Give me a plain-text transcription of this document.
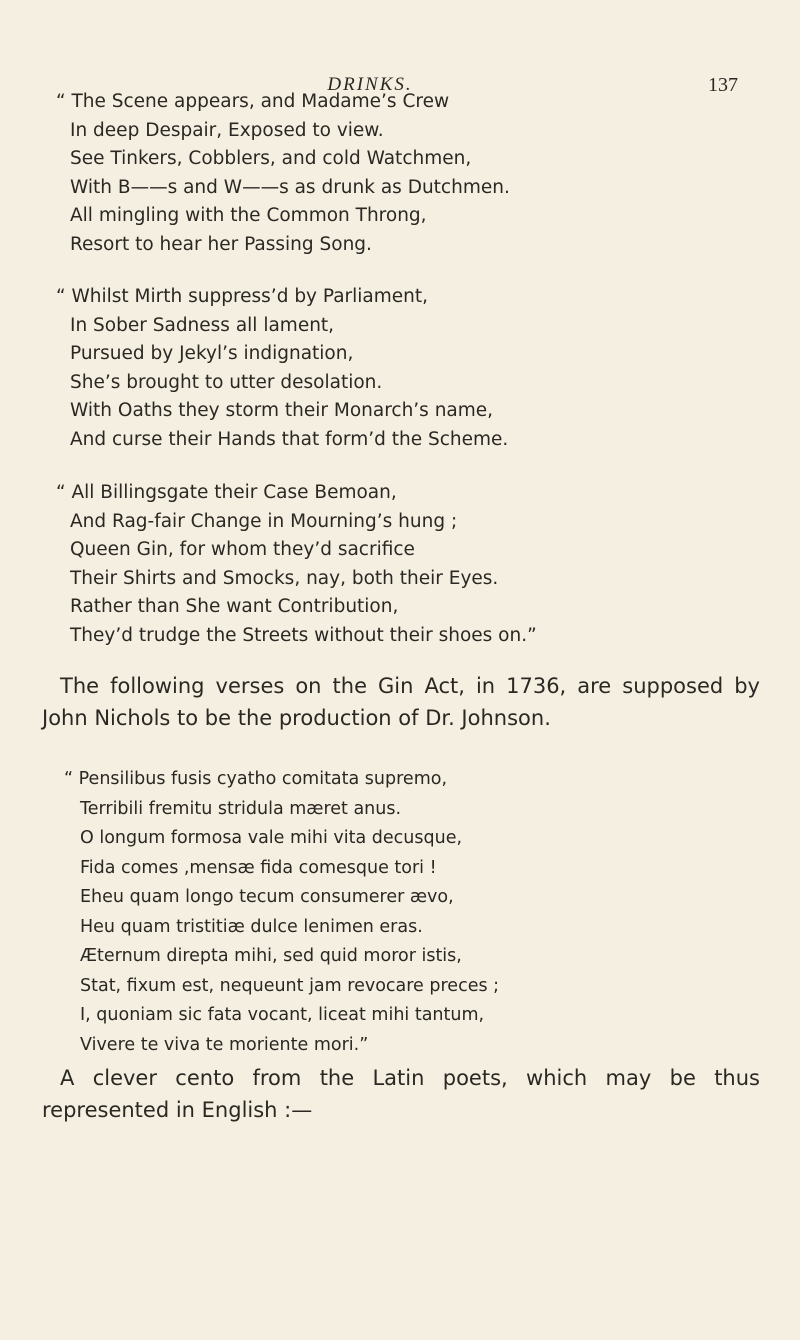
DRINKS.	137
“ The Scene appears, and Madame’s Crew
In deep Despair, Exposed to view.
See Tinkers, Cobblers, and cold Watchmen,
With B——s and W——s as drunk as Dutchmen.
All mingling with the Common Throng,
Resort to hear her Passing Song.
“ Whilst Mirth suppress’d by Parliament,
In Sober Sadness all lament,
Pursued by Jekyl’s indignation,
She’s brought to utter desolation.
With Oaths they storm their Monarch’s name,
And curse their Hands that form’d the Scheme.
“ All Billingsgate their Case Bemoan,
And Rag-fair Change in Mourning’s hung ;
Queen Gin, for whom they’d sacrifice
Their Shirts and Smocks, nay, both their Eyes.
Rather than She want Contribution,
They’d trudge the Streets without their shoes on.”
The following verses on the Gin Act, in 1736, are supposed by John Nichols to be the production of Dr. Johnson.
“ Pensilibus fusis cyatho comitata supremo,
Terribili fremitu stridula mæret anus.
O longum formosa vale mihi vita decusque,
Fida comes ,mensæ fida comesque tori !
Eheu quam longo tecum consumerer ævo,
Heu quam tristitiæ dulce lenimen eras.
Æternum direpta mihi, sed quid moror istis,
Stat, fixum est, nequeunt jam revocare preces ;
I, quoniam sic fata vocant, liceat mihi tantum,
Vivere te viva te moriente mori.”
A clever cento from the Latin poets, which may be thus represented in English :—
